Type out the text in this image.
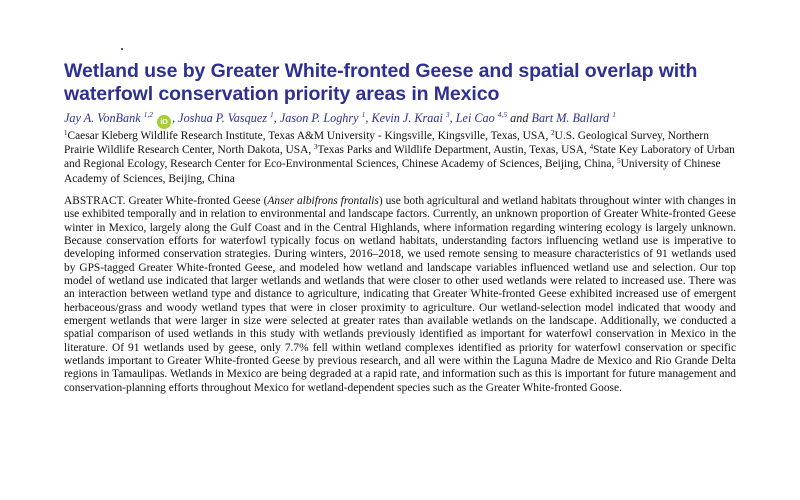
Wetland use by Greater White-fronted Geese and spatial overlap with waterfowl conservation priority areas in Mexico

Jay A. VonBank $^{1,2}$ iD , Joshua P. Vasquez $^1$, Jason P. Loghry $^1$, Kevin J. Kraai $^3$, Lei Cao $^{4,5}$ and Bart M. Ballard $^1$

$^1$Caesar Kleberg Wildlife Research Institute, Texas A&M University - Kingsville, Kingsville, Texas, USA, $^2$U.S. Geological Survey, Northern Prairie Wildlife Research Center, North Dakota, USA, $^3$Texas Parks and Wildlife Department, Austin, Texas, USA, $^4$State Key Laboratory of Urban and Regional Ecology, Research Center for Eco-Environmental Sciences, Chinese Academy of Sciences, Beijing, China, $^5$University of Chinese Academy of Sciences, Beijing, China

ABSTRACT. Greater White-fronted Geese (Anser albifrons frontalis) use both agricultural and wetland habitats throughout winter with changes in use exhibited temporally and in relation to environmental and landscape factors. Currently, an unknown proportion of Greater White-fronted Geese winter in Mexico, largely along the Gulf Coast and in the Central Highlands, where information regarding wintering ecology is largely unknown. Because conservation efforts for waterfowl typically focus on wetland habitats, understanding factors influencing wetland use is imperative to developing informed conservation strategies. During winters, 2016–2018, we used remote sensing to measure characteristics of 91 wetlands used by GPS-tagged Greater White-fronted Geese, and modeled how wetland and landscape variables influenced wetland use and selection. Our top model of wetland use indicated that larger wetlands and wetlands that were closer to other used wetlands were related to increased use. There was an interaction between wetland type and distance to agriculture, indicating that Greater White-fronted Geese exhibited increased use of emergent herbaceous/grass and woody wetland types that were in closer proximity to agriculture. Our wetland-selection model indicated that woody and emergent wetlands that were larger in size were selected at greater rates than available wetlands on the landscape. Additionally, we conducted a spatial comparison of used wetlands in this study with wetlands previously identified as important for waterfowl conservation in Mexico in the literature. Of 91 wetlands used by geese, only 7.7% fell within wetland complexes identified as priority for waterfowl conservation or specific wetlands important to Greater White-fronted Geese by previous research, and all were within the Laguna Madre de Mexico and Rio Grande Delta regions in Tamaulipas. Wetlands in Mexico are being degraded at a rapid rate, and information such as this is important for future management and conservation-planning efforts throughout Mexico for wetland-dependent species such as the Greater White-fronted Goose.
